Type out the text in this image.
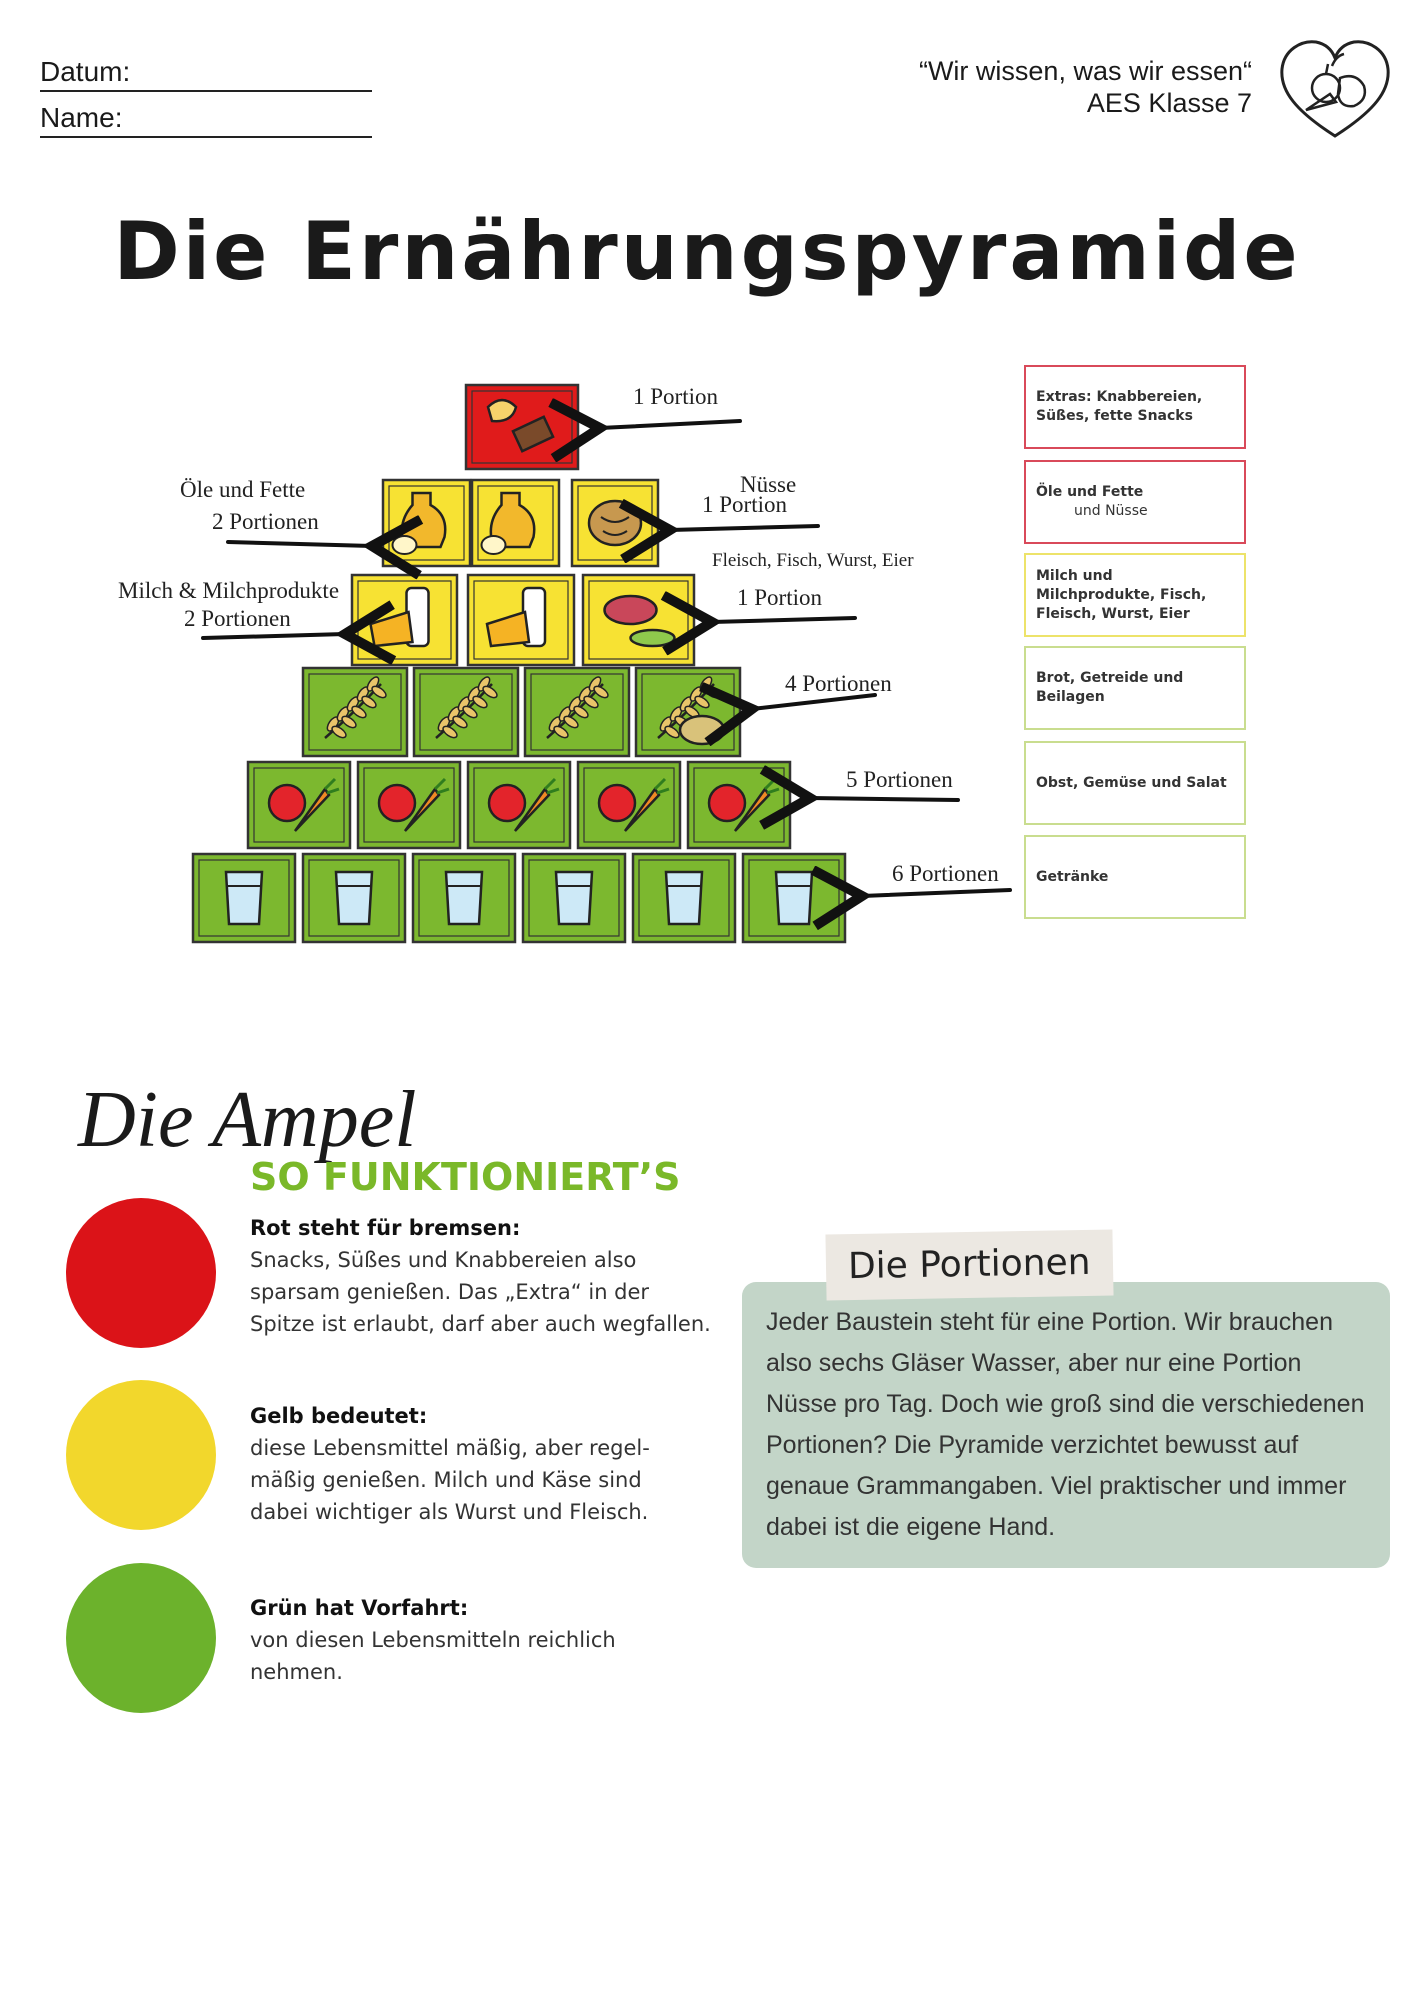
Datum:
Name:
“Wir wissen, was wir essen“
AES Klasse 7
Die Ernährungspyramide
1 Portion
Öle und Fette
2 Portionen
Nüsse
1 Portion
Fleisch, Fisch, Wurst, Eier
Milch & Milchprodukte
2 Portionen
1 Portion
4 Portionen
5 Portionen
6 Portionen
Extras: Knabbereien, Süßes, fette Snacks
Öle und Fette
und Nüsse
Milch und Milchprodukte, Fisch, Fleisch, Wurst, Eier
Brot, Getreide und Beilagen
Obst, Gemüse und Salat
Getränke
Die Ampel
SO FUNKTIONIERT’S
Rot steht für bremsen:
Snacks, Süßes und Knabbereien also sparsam genießen. Das „Extra“ in der Spitze ist erlaubt, darf aber auch wegfallen.
Gelb bedeutet:
diese Lebensmittel mäßig, aber regelmäßig genießen. Milch und Käse sind dabei wichtiger als Wurst und Fleisch.
Grün hat Vorfahrt:
von diesen Lebensmitteln reichlich nehmen.
Jeder Baustein steht für eine Portion. Wir brauchen also sechs Gläser Wasser, aber nur eine Portion Nüsse pro Tag. Doch wie groß sind die verschiedenen Portionen? Die Pyramide verzichtet bewusst auf genaue Grammangaben. Viel praktischer und immer dabei ist die eigene Hand.
Die Portionen
